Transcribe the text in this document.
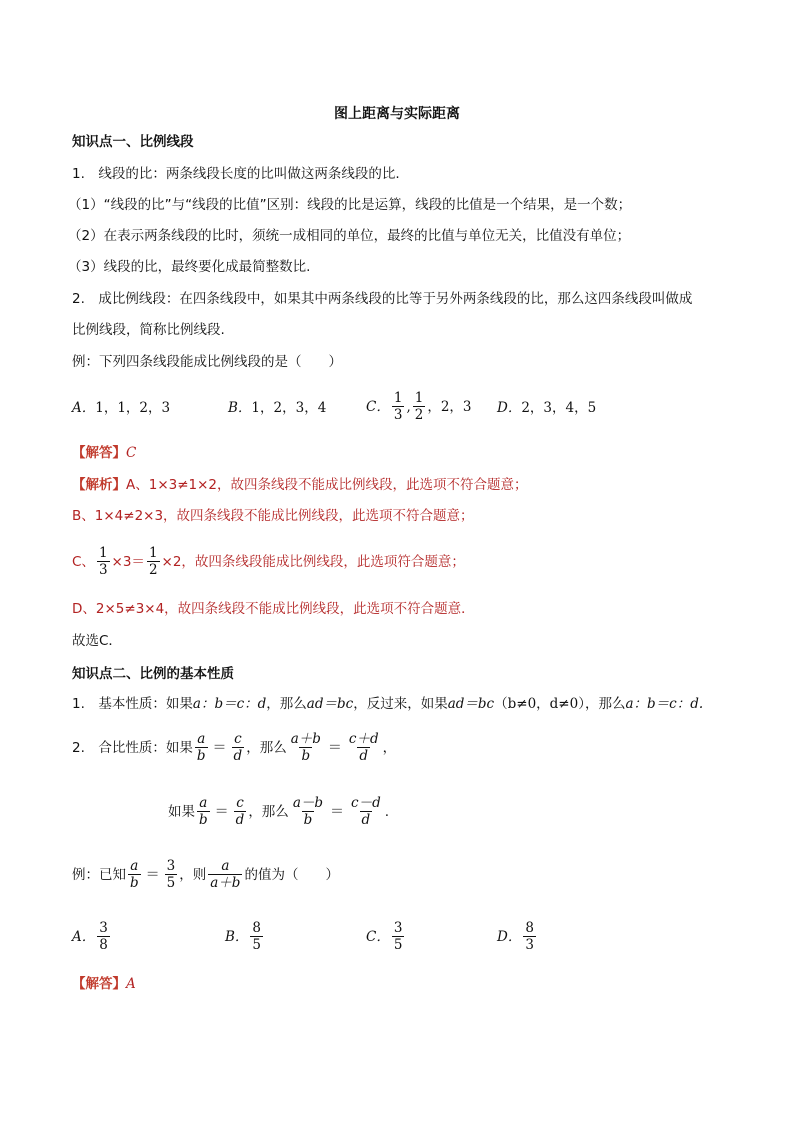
图上距离与实际距离
知识点一、比例线段
1.　线段的比：两条线段长度的比叫做这两条线段的比.
（1）“线段的比”与“线段的比值”区别：线段的比是运算，线段的比值是一个结果，是一个数；
（2）在表示两条线段的比时，须统一成相同的单位，最终的比值与单位无关，比值没有单位；
（3）线段的比，最终要化成最简整数比.
2.　成比例线段：在四条线段中，如果其中两条线段的比等于另外两条线段的比，那么这四条线段叫做成
比例线段，简称比例线段.
例：下列四条线段能成比例线段的是（　　）
A．1，1，2，3	B．1，2，3，4	C． $\frac{1}{3}$ , $\frac{1}{2}$ ，2，3 D．2，3，4，5
【解答】C
【解析】A、1×3≠1×2，故四条线段不能成比例线段，此选项不符合题意；
B、1×4≠2×3，故四条线段不能成比例线段，此选项不符合题意；
C、 $\frac{1}{3} \times 3= \frac{1}{2} \times 2$，故四条线段能成比例线段，此选项符合题意；
D、2×5≠3×4，故四条线段不能成比例线段，此选项不符合题意．
故选C．
知识点二、比例的基本性质
1.　基本性质：如果a：b＝c：d，那么ad＝bc，反过来，如果ad＝bc（b≠0，d≠0），那么a：b＝c：d.
2.　合比性质：如果 $\frac{a}{b} = \frac{c}{d}$ ，那么 $\frac{a+b}{b} = \frac{c+d}{d}$ ，
如果 $\frac{a}{b} = \frac{c}{d}$ ，那么 $\frac{a-b}{b} = \frac{c-d}{d}$ .
例：已知 $\frac{a}{b} = \frac{3}{5}$ ，则 $\frac{a}{a+b}$ 的值为（　　）
A． $\frac{3}{8}$	B． $\frac{8}{5}$	C． $\frac{3}{5}$	D． $\frac{8}{3}$
【解答】A
